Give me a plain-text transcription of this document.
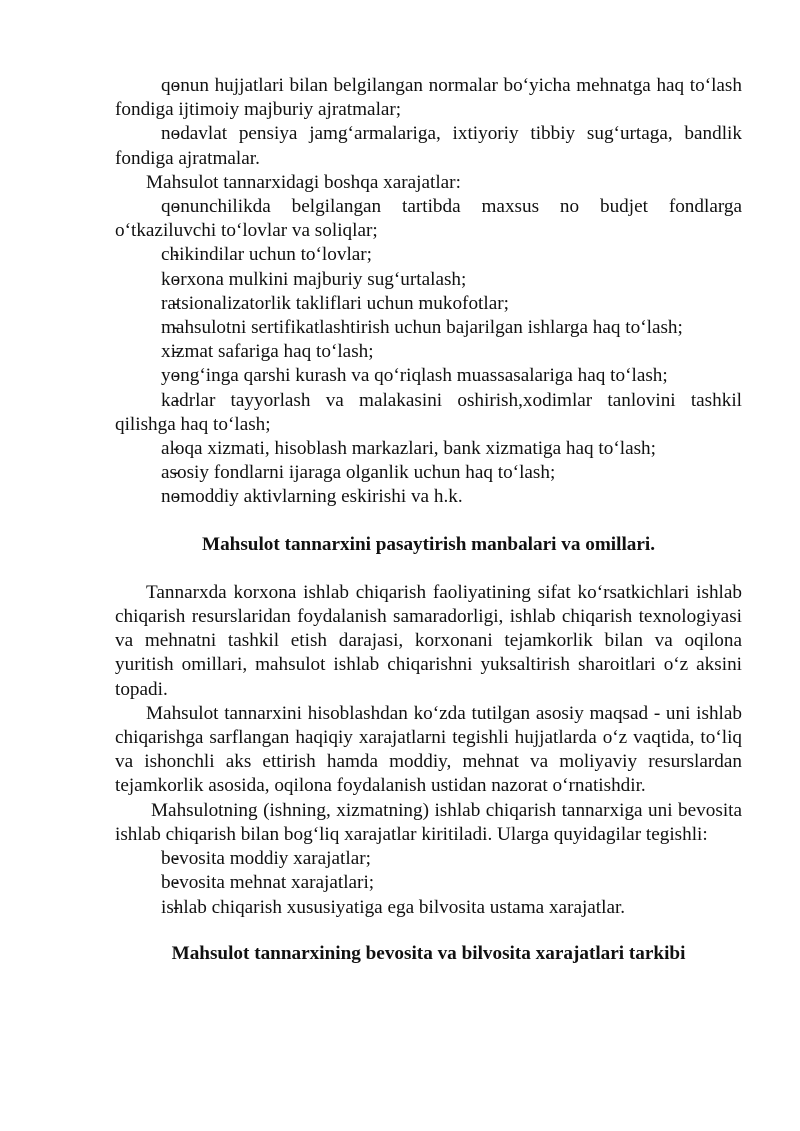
- qonun hujjatlari bilan belgilangan normalar boʻyicha mehnatga haq toʻlash fondiga ijtimoiy majburiy ajratmalar;

- nodavlat pensiya jamgʻarmalariga, ixtiyoriy tibbiy sugʻurtaga, bandlik fondiga ajratmalar.

Mahsulot tannarxidagi boshqa xarajatlar:

- qonunchilikda belgilangan tartibda maxsus no budjet fondlarga oʻtkaziluvchi toʻlovlar va soliqlar;

- chikindilar uchun toʻlovlar;

- korxona mulkini majburiy sugʻurtalash;

- ratsionalizatorlik takliflari uchun mukofotlar;

- mahsulotni sertifikatlashtirish uchun bajarilgan ishlarga haq toʻlash;

- xizmat safariga haq toʻlash;

- yongʻinga qarshi kurash va qoʻriqlash muassasalariga haq toʻlash;

- kadrlar tayyorlash va malakasini oshirish,xodimlar tanlovini tashkil qilishga haq toʻlash;

- aloqa xizmati, hisoblash markazlari, bank xizmatiga haq toʻlash;

- asosiy fondlarni ijaraga olganlik uchun haq toʻlash;

- nomoddiy aktivlarning eskirishi va h.k.

Mahsulot tannarxini pasaytirish manbalari va omillari.

Tannarxda korxona ishlab chiqarish faoliyatining sifat koʻrsatkichlari ishlab chiqarish resurslaridan foydalanish samaradorligi, ishlab chiqarish texnologiyasi va mehnatni tashkil etish darajasi, korxonani tejamkorlik bilan va oqilona yuritish omillari, mahsulot ishlab chiqarishni yuksaltirish sharoitlari oʻz aksini topadi.

Mahsulot tannarxini hisoblashdan koʻzda tutilgan asosiy maqsad - uni ishlab chiqarishga sarflangan haqiqiy xarajatlarni tegishli hujjatlarda oʻz vaqtida, toʻliq va ishonchli aks ettirish hamda moddiy, mehnat va moliyaviy resurslardan tejamkorlik asosida, oqilona foydalanish ustidan nazorat oʻrnatishdir.

Mahsulotning (ishning, xizmatning) ishlab chiqarish tannarxiga uni bevosita ishlab chiqarish bilan bogʻliq xarajatlar kiritiladi. Ularga quyidagilar tegishli:

- bevosita moddiy xarajatlar;

- bevosita mehnat xarajatlari;

- ishlab chiqarish xususiyatiga ega bilvosita ustama xarajatlar.

Mahsulot tannarxining bevosita va bilvosita xarajatlari tarkibi
